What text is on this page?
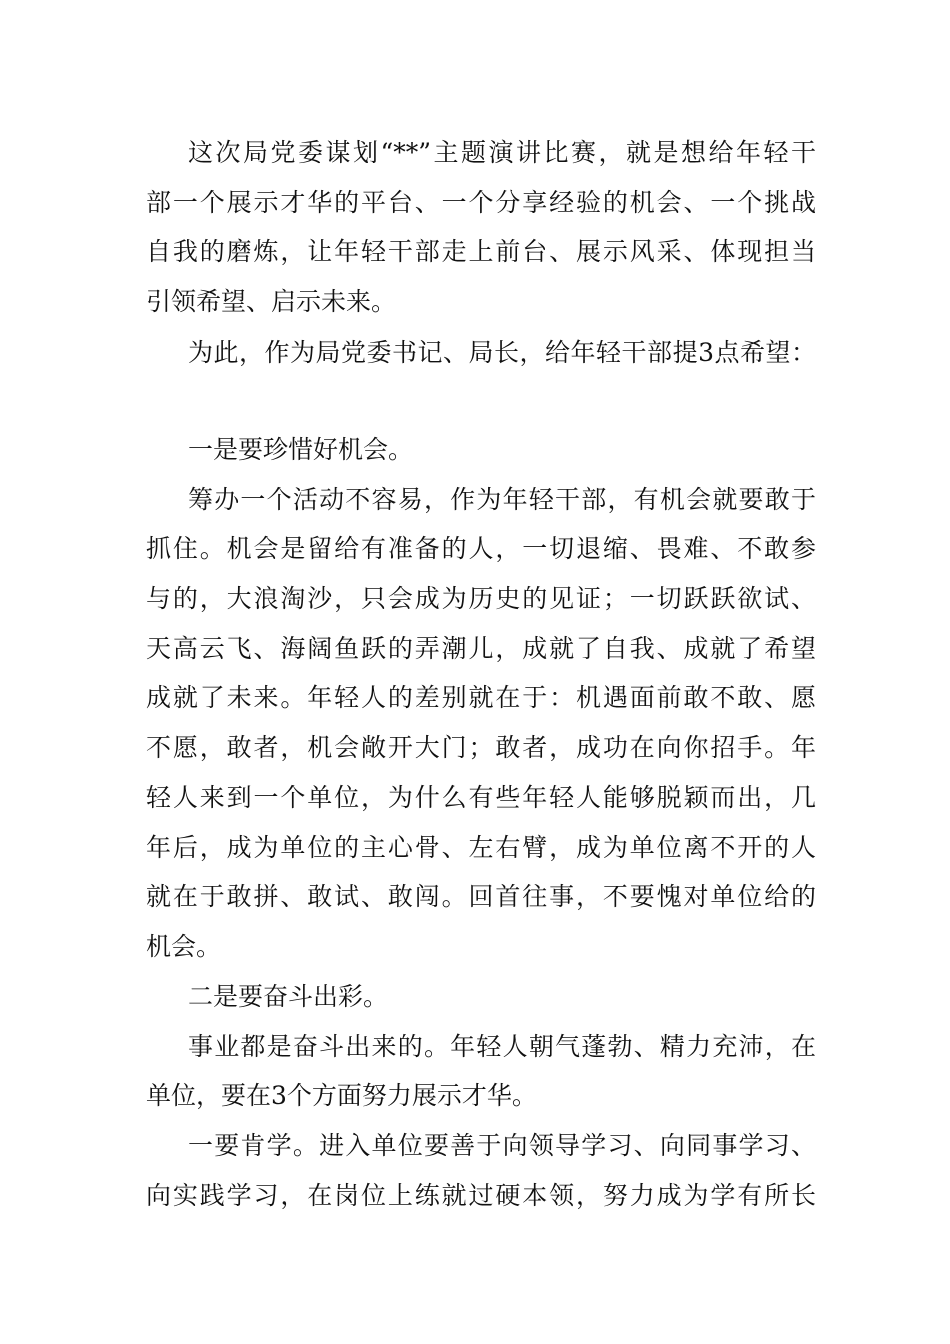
这次局党委谋划“**”主题演讲比赛，就是想给年轻干
部一个展示才华的平台、一个分享经验的机会、一个挑战
自我的磨炼，让年轻干部走上前台、展示风采、体现担当
引领希望、启示未来。
为此，作为局党委书记、局长，给年轻干部提3点希望：
一是要珍惜好机会。
筹办一个活动不容易，作为年轻干部，有机会就要敢于
抓住。机会是留给有准备的人，一切退缩、畏难、不敢参
与的，大浪淘沙，只会成为历史的见证；一切跃跃欲试、
天高云飞、海阔鱼跃的弄潮儿，成就了自我、成就了希望
成就了未来。年轻人的差别就在于：机遇面前敢不敢、愿
不愿，敢者，机会敞开大门；敢者，成功在向你招手。年
轻人来到一个单位，为什么有些年轻人能够脱颖而出，几
年后，成为单位的主心骨、左右臂，成为单位离不开的人
就在于敢拼、敢试、敢闯。回首往事，不要愧对单位给的
机会。
二是要奋斗出彩。
事业都是奋斗出来的。年轻人朝气蓬勃、精力充沛，在
单位，要在3个方面努力展示才华。
一要肯学。进入单位要善于向领导学习、向同事学习、
向实践学习，在岗位上练就过硬本领，努力成为学有所长
